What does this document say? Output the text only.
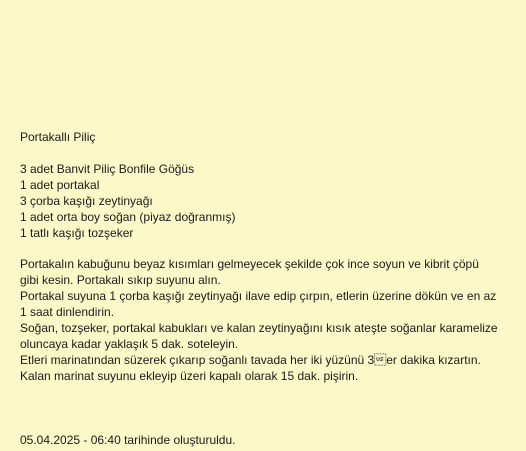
Portakallı Piliç
3 adet Banvit Piliç Bonfile Göğüs
1 adet portakal
3 çorba kaşığı zeytinyağı
1 adet orta boy soğan (piyaz doğranmış)
1 tatlı kaşığı tozşeker

Portakalın kabuğunu beyaz kısımları gelmeyecek şekilde çok ince soyun ve kibrit çöpü gibi kesin. Portakalı sıkıp suyunu alın.

Portakal suyuna 1 çorba kaşığı zeytinyağı ilave edip çırpın, etlerin üzerine dökün ve en az 1 saat dinlendirin.

Soğan, tozşeker, portakal kabukları ve kalan zeytinyağını kısık ateşte soğanlar karamelize oluncaya kadar yaklaşık 5 dak. soteleyin.

Etleri marinatından süzerek çıkarıp soğanlı tavada her iki yüzünü 3er dakika kızartın. Kalan marinat suyunu ekleyip üzeri kapalı olarak 15 dak. pişirin.

05.04.2025 - 06:40 tarihinde oluşturuldu.
